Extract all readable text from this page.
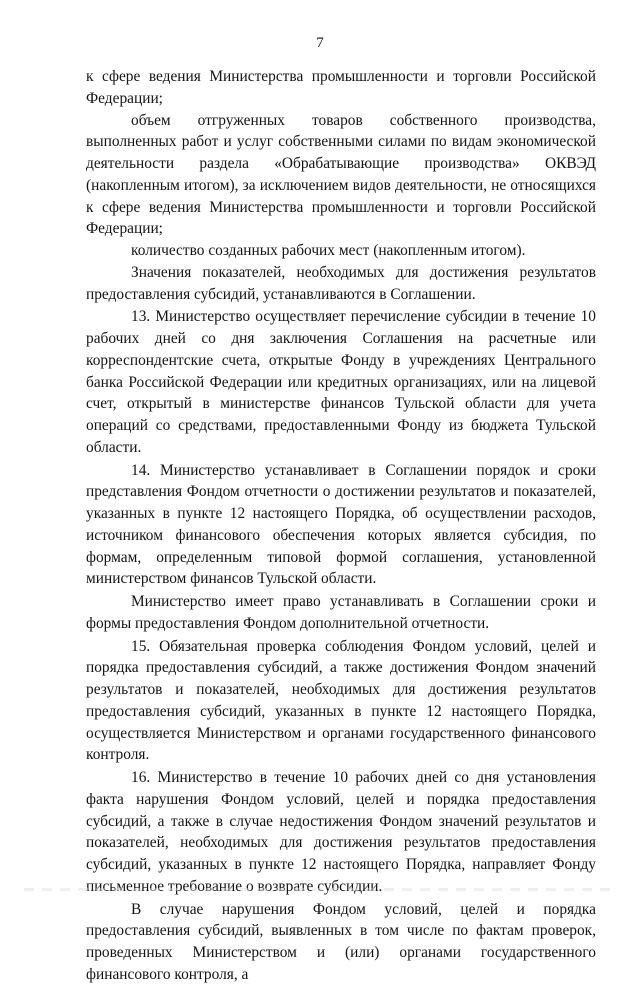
7

к сфере ведения Министерства промышленности и торговли Российской Федерации;

объем отгруженных товаров собственного производства, выполненных работ и услуг собственными силами по видам экономической деятельности раздела «Обрабатывающие производства» ОКВЭД (накопленным итогом), за исключением видов деятельности, не относящихся к сфере ведения Министерства промышленности и торговли Российской Федерации;

количество созданных рабочих мест (накопленным итогом).

Значения показателей, необходимых для достижения результатов предоставления субсидий, устанавливаются в Соглашении.

13. Министерство осуществляет перечисление субсидии в течение 10 рабочих дней со дня заключения Соглашения на расчетные или корреспондентские счета, открытые Фонду в учреждениях Центрального банка Российской Федерации или кредитных организациях, или на лицевой счет, открытый в министерстве финансов Тульской области для учета операций со средствами, предоставленными Фонду из бюджета Тульской области.

14. Министерство устанавливает в Соглашении порядок и сроки представления Фондом отчетности о достижении результатов и показателей, указанных в пункте 12 настоящего Порядка, об осуществлении расходов, источником финансового обеспечения которых является субсидия, по формам, определенным типовой формой соглашения, установленной министерством финансов Тульской области.

Министерство имеет право устанавливать в Соглашении сроки и формы предоставления Фондом дополнительной отчетности.

15. Обязательная проверка соблюдения Фондом условий, целей и порядка предоставления субсидий, а также достижения Фондом значений результатов и показателей, необходимых для достижения результатов предоставления субсидий, указанных в пункте 12 настоящего Порядка, осуществляется Министерством и органами государственного финансового контроля.

16. Министерство в течение 10 рабочих дней со дня установления факта нарушения Фондом условий, целей и порядка предоставления субсидий, а также в случае недостижения Фондом значений результатов и показателей, необходимых для достижения результатов предоставления субсидий, указанных в пункте 12 настоящего Порядка, направляет Фонду письменное требование о возврате субсидии.

В случае нарушения Фондом условий, целей и порядка предоставления субсидий, выявленных в том числе по фактам проверок, проведенных Министерством и (или) органами государственного финансового контроля, а
